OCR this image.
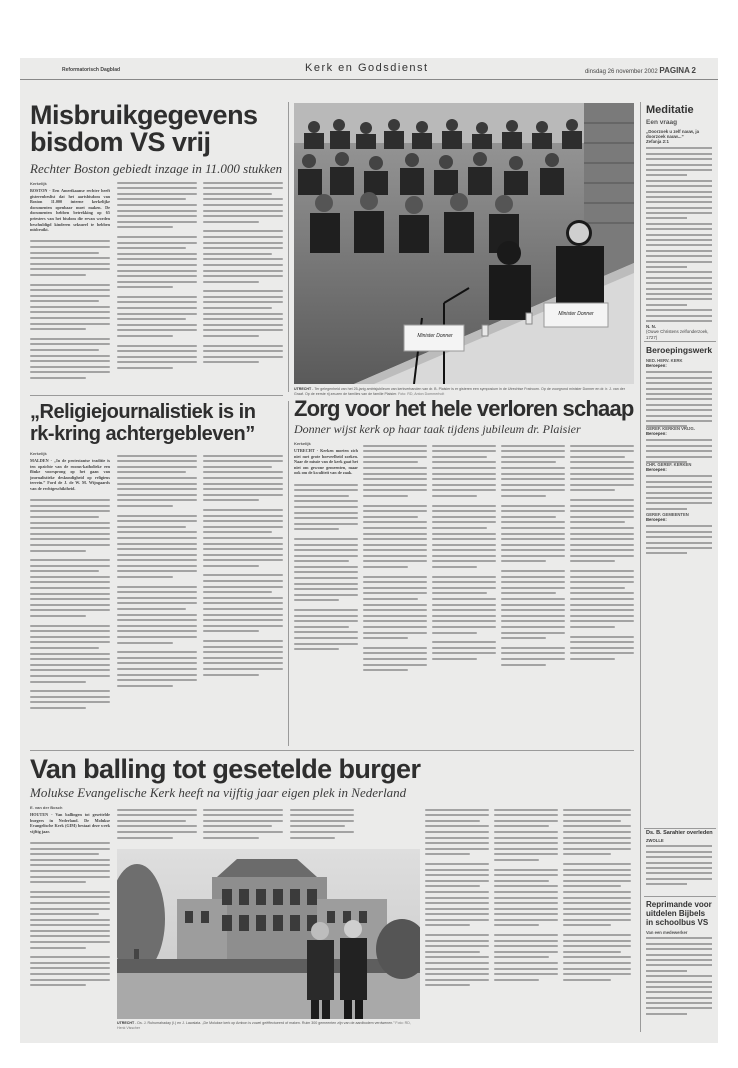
Reformatorisch Dagblad	Kerk en Godsdienst	dinsdag 26 november 2002 PAGINA 2
Misbruikgegevens
bisdom VS vrij
Rechter Boston gebiedt inzage in 11.000 stukken
Kerkelijk
BOSTON - Een Amerikaanse rechter heeft gisterenbeslist dat het aartsbisdom van Boston 11.000 interne kerkelijke documenten openbaar moet maken. De documenten hebben betrekking op 65 priesters van het bisdom die ervan worden beschuldigd kinderen seksueel te hebben misbruikt.
Minister Donner
Minister Donner
UTRECHT - Ter gelegenheid van het 25-jarig ambtsjubileum van kerkverbanden van dr. B. Plaisier is er gisteren een symposium in de Utrechtse Fratroorn. Op de voorgrond minister Donner en dr. ir. J. van der Graaf. Op de eerste rij zeuzen de families van de familie Plaisier. Foto: RD, Anton Dommerholt
„Religiejournalistiek is in
rk-kring achtergebleven”
Kerkelijk
MALDEN - „In de protestantse traditie is ten opzichte van de rooms-katholieke een flinke voorsprong op het gaan van journalistieke deskundigheid op religieus terrein.” Ford de J. de W. M. Wijngaards van de rechtgeschiktheid.
Zorg voor het hele verloren schaap
Donner wijst kerk op haar taak tijdens jubileum dr. Plaisier
Kerkelijk
UTRECHT - Kerken moeten zich niet met grote hoeveelheid zoeken. Naar de missie van de kerk gaat het niet om gewone gemeenten, maar ook om de kwaliteit van de zaak.
Van balling tot gesetelde burger
Molukse Evangelische Kerk heeft na vijftig jaar eigen plek in Nederland
E. van der Bosch
HOUTEN - Van ballingen tot gesettelde burgers in Nederland. De Molukse Evangelische Kerk (GIM) bestaat deze week vijftig jaar.
UTRECHT - Ds. J. Ruhumahaday (l.) en J. Lawalata. „De Molukse kerk op Ambon is zowel geëffectueerd of maken. Ruim 300 gemeenten zijn van de aardbodem verdwenen.” Foto: RD, Henk Visscher
Meditatie
Een vraag
„Doorzoek u zelf nauw, ja doorzoek nauw...”
Zefanja 2:1
N. N.
(Ouwe Christens zelfonderzoek, 1727)
Beroepingswerk
NED. HERV. KERK
Beroepen:
GEREF. KERKEN VRIJG.
Beroepen:
CHR. GEREF. KERKEN
Beroepen:
GEREF. GEMEENTEN
Beroepen:
Ds. B. Sarahier overleden
ZWOLLE
Reprimande voor
uitdelen Bijbels
in schoolbus VS
Van een medewerker
